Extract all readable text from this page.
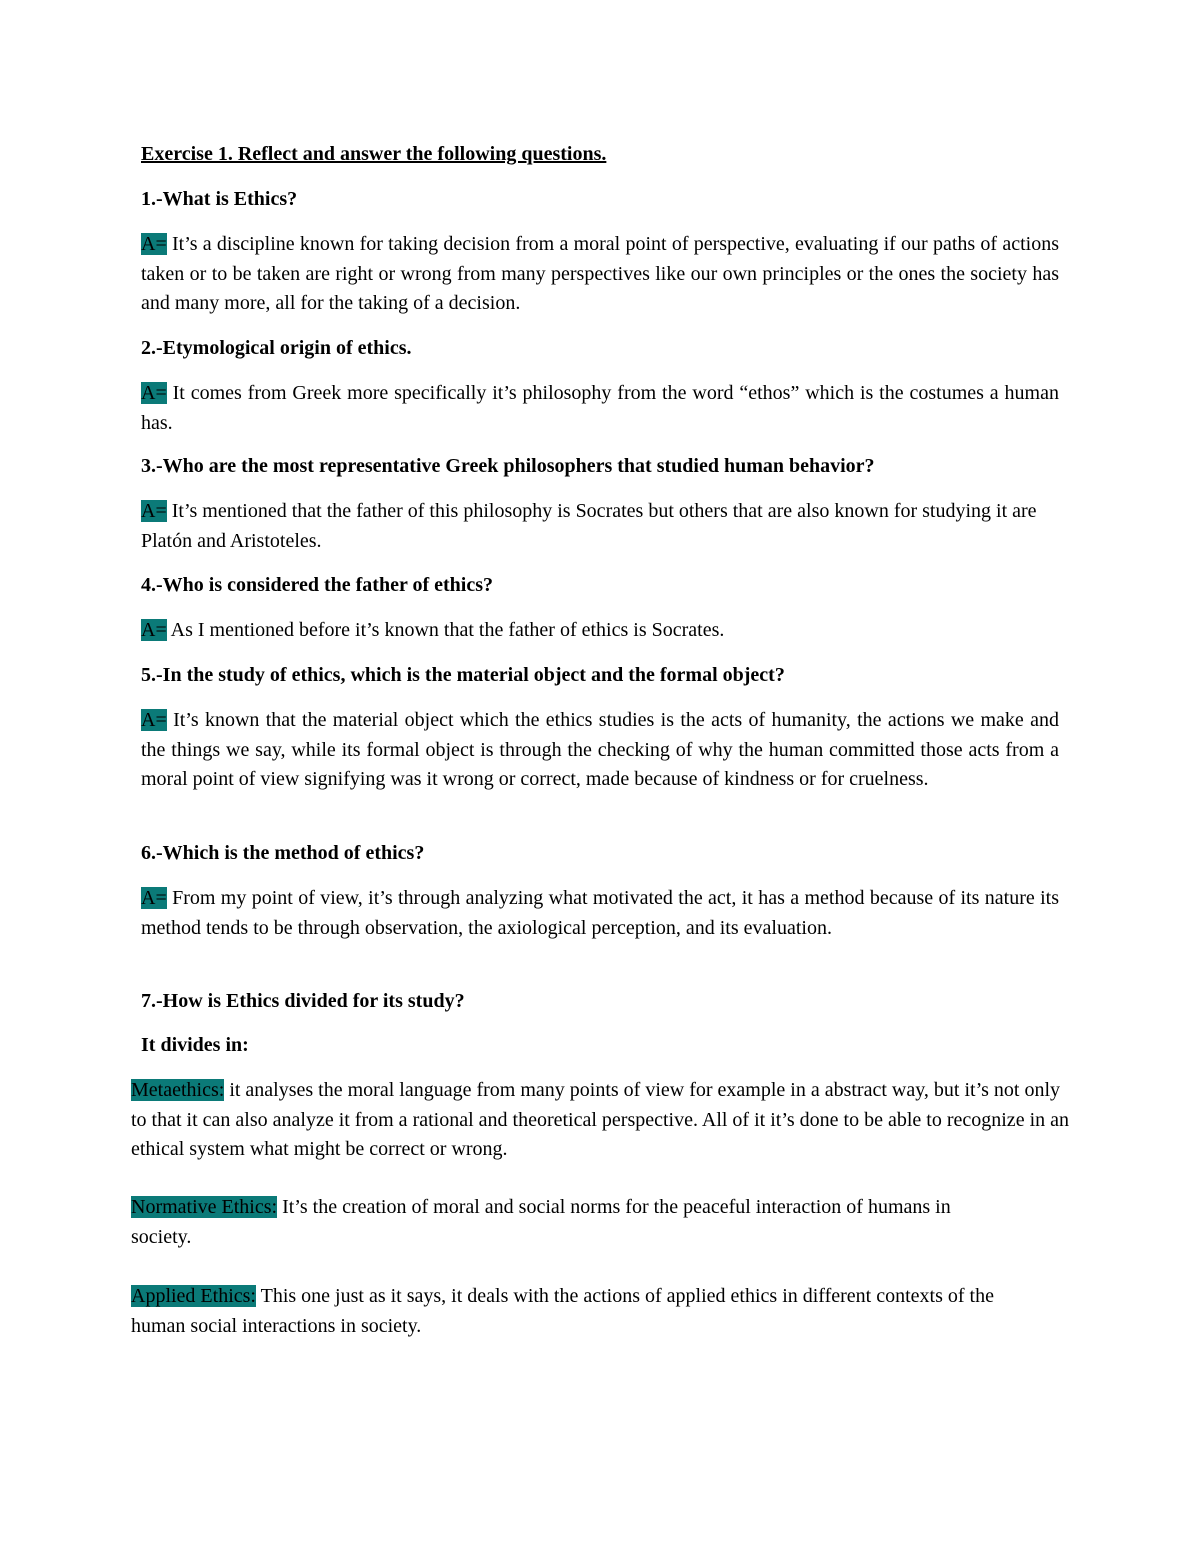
Exercise 1. Reflect and answer the following questions.
1.-What is Ethics?
A= It’s a discipline known for taking decision from a moral point of perspective, evaluating if our paths of actions taken or to be taken are right or wrong from many perspectives like our own principles or the ones the society has and many more, all for the taking of a decision.
2.-Etymological origin of ethics.
A= It comes from Greek more specifically it’s philosophy from the word “ethos” which is the costumes a human has.
3.-Who are the most representative Greek philosophers that studied human behavior?
A= It’s mentioned that the father of this philosophy is Socrates but others that are also known for studying it are Platón and Aristoteles.
4.-Who is considered the father of ethics?
A= As I mentioned before it’s known that the father of ethics is Socrates.
5.-In the study of ethics, which is the material object and the formal object?
A= It’s known that the material object which the ethics studies is the acts of humanity, the actions we make and the things we say, while its formal object is through the checking of why the human committed those acts from a moral point of view signifying was it wrong or correct, made because of kindness or for cruelness.
6.-Which is the method of ethics?
A= From my point of view, it’s through analyzing what motivated the act, it has a method because of its nature its method tends to be through observation, the axiological perception, and its evaluation.
7.-How is Ethics divided for its study?
It divides in:
Metaethics: it analyses the moral language from many points of view for example in a abstract way, but it’s not only to that it can also analyze it from a rational and theoretical perspective. All of it it’s done to be able to recognize in an ethical system what might be correct or wrong.
Normative Ethics: It’s the creation of moral and social norms for the peaceful interaction of humans in society.
Applied Ethics: This one just as it says, it deals with the actions of applied ethics in different contexts of the human social interactions in society.
